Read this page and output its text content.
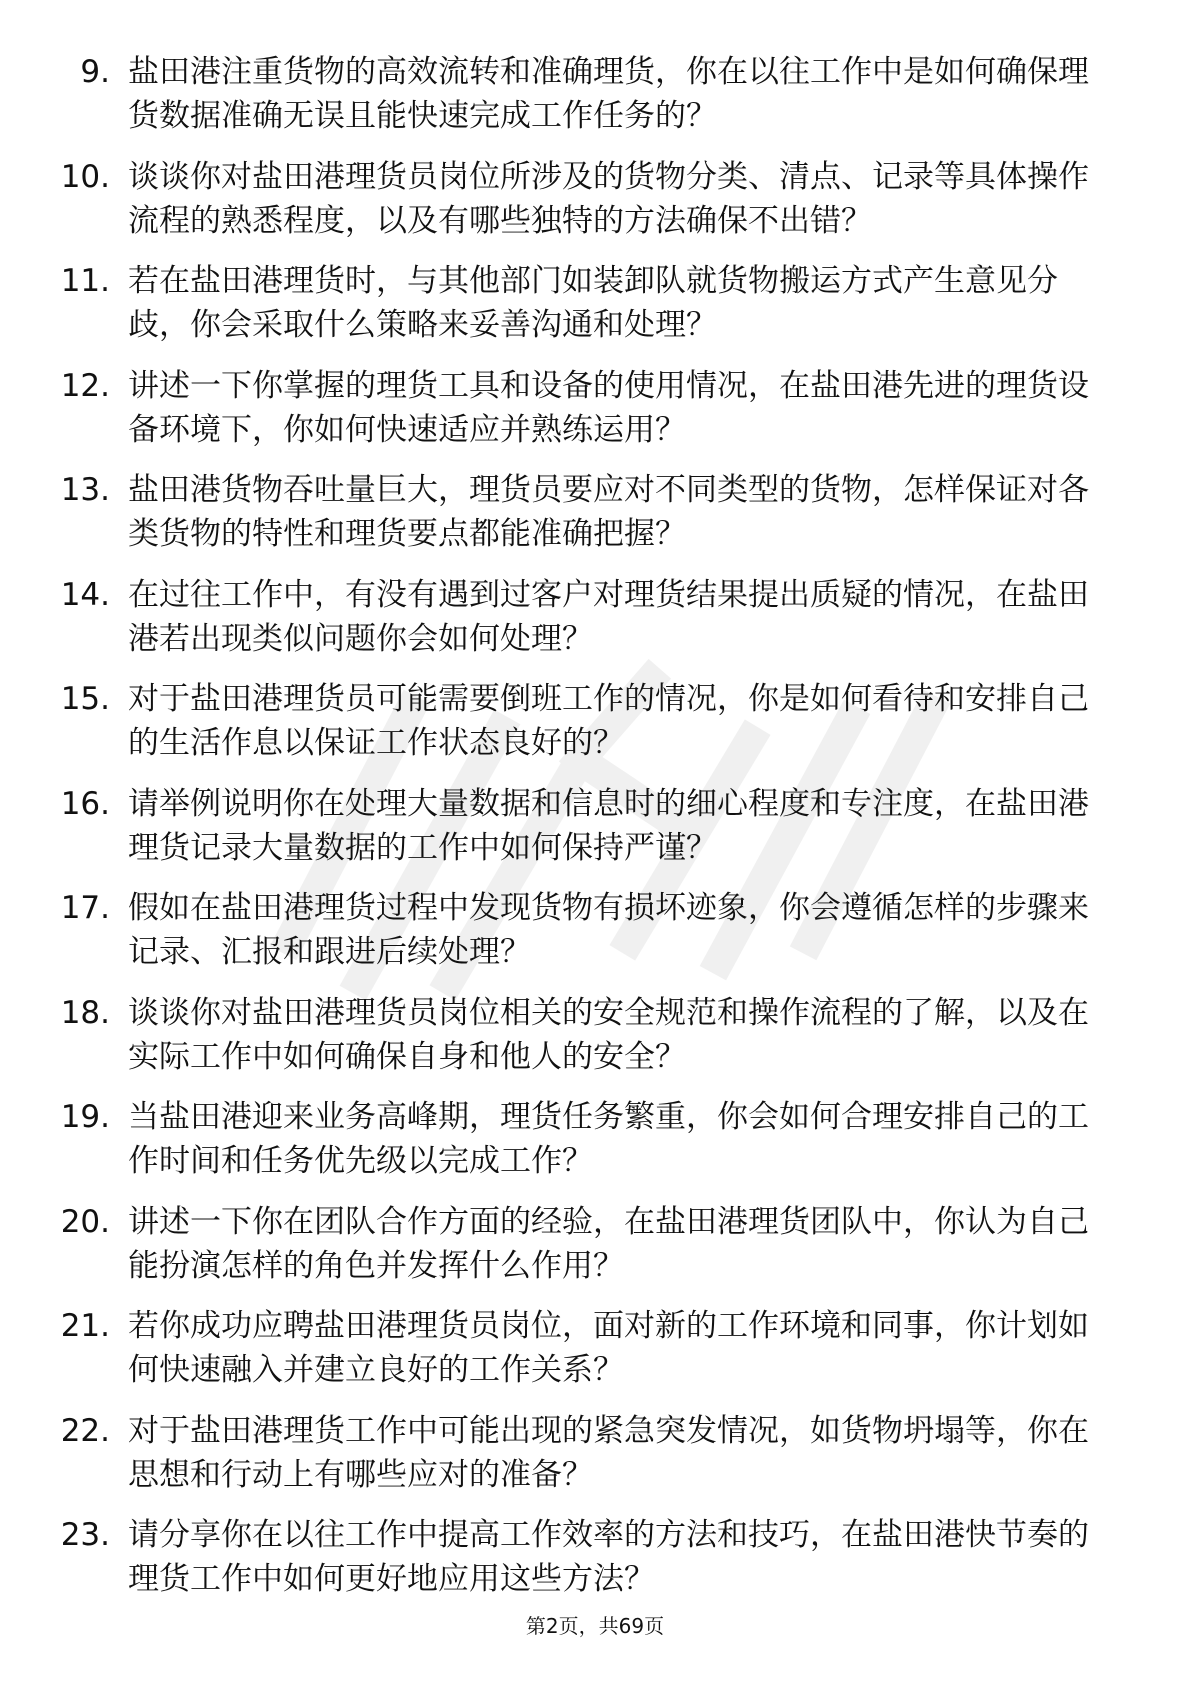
9. 盐田港注重货物的高效流转和准确理货，你在以往工作中是如何确保理货数据准确无误且能快速完成工作任务的？
10. 谈谈你对盐田港理货员岗位所涉及的货物分类、清点、记录等具体操作流程的熟悉程度，以及有哪些独特的方法确保不出错？
11. 若在盐田港理货时，与其他部门如装卸队就货物搬运方式产生意见分歧，你会采取什么策略来妥善沟通和处理？
12. 讲述一下你掌握的理货工具和设备的使用情况，在盐田港先进的理货设备环境下，你如何快速适应并熟练运用？
13. 盐田港货物吞吐量巨大，理货员要应对不同类型的货物，怎样保证对各类货物的特性和理货要点都能准确把握？
14. 在过往工作中，有没有遇到过客户对理货结果提出质疑的情况，在盐田港若出现类似问题你会如何处理？
15. 对于盐田港理货员可能需要倒班工作的情况，你是如何看待和安排自己的生活作息以保证工作状态良好的？
16. 请举例说明你在处理大量数据和信息时的细心程度和专注度，在盐田港理货记录大量数据的工作中如何保持严谨？
17. 假如在盐田港理货过程中发现货物有损坏迹象，你会遵循怎样的步骤来记录、汇报和跟进后续处理？
18. 谈谈你对盐田港理货员岗位相关的安全规范和操作流程的了解，以及在实际工作中如何确保自身和他人的安全？
19. 当盐田港迎来业务高峰期，理货任务繁重，你会如何合理安排自己的工作时间和任务优先级以完成工作？
20. 讲述一下你在团队合作方面的经验，在盐田港理货团队中，你认为自己能扮演怎样的角色并发挥什么作用？
21. 若你成功应聘盐田港理货员岗位，面对新的工作环境和同事，你计划如何快速融入并建立良好的工作关系？
22. 对于盐田港理货工作中可能出现的紧急突发情况，如货物坍塌等，你在思想和行动上有哪些应对的准备？
23. 请分享你在以往工作中提高工作效率的方法和技巧，在盐田港快节奏的理货工作中如何更好地应用这些方法？
第2页，共69页
